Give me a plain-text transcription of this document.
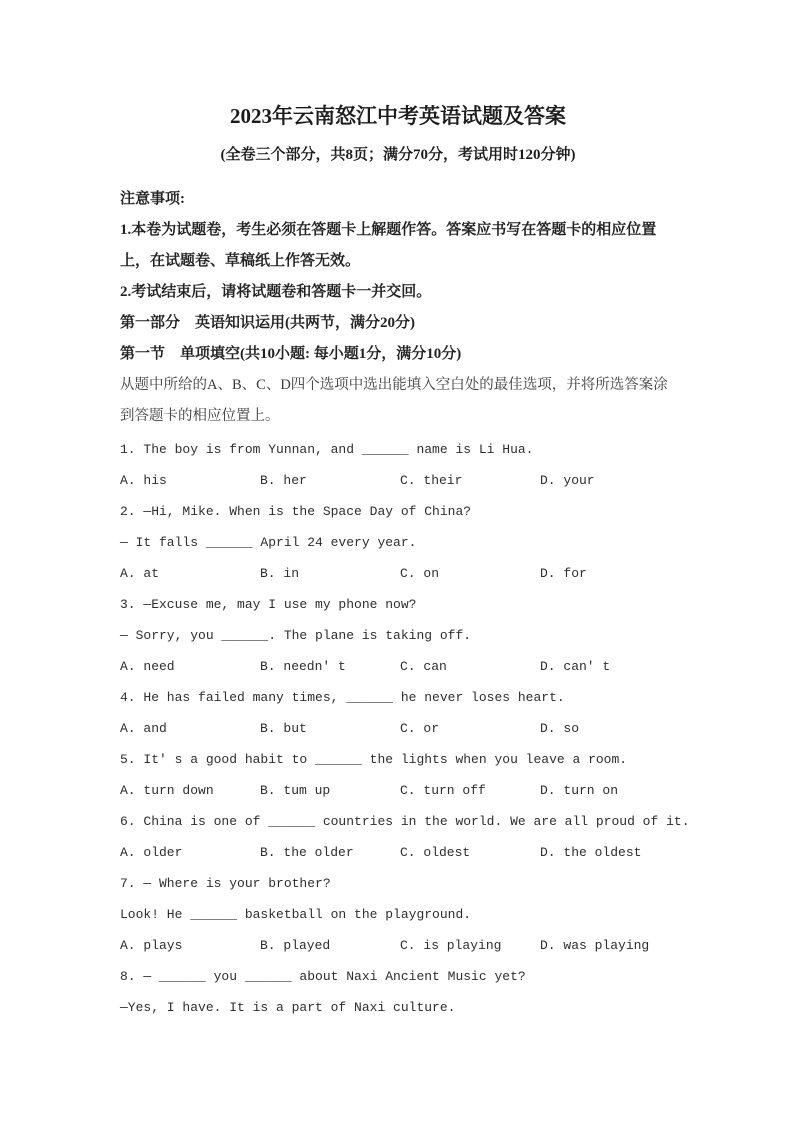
2023年云南怒江中考英语试题及答案
(全卷三个部分，共8页；满分70分，考试用时120分钟)

注意事项:

1.本卷为试题卷，考生必须在答题卡上解题作答。答案应书写在答题卡的相应位置上，在试题卷、草稿纸上作答无效。

2.考试结束后，请将试题卷和答题卡一并交回。

第一部分　英语知识运用(共两节，满分20分)

第一节　单项填空(共10小题: 每小题1分，满分10分)

从题中所给的A、B、C、D四个选项中选出能填入空白处的最佳选项，并将所选答案涂到答题卡的相应位置上。

1. The boy is from Yunnan, and ______ name is Li Hua.

A. his	B. her	C. their	D. your

2. —Hi, Mike. When is the Space Day of China?

— It falls ______ April 24 every year.

A. at	B. in	C. on	D. for

3. —Excuse me, may I use my phone now?

— Sorry, you ______. The plane is taking off.

A. need	B. needn' t	C. can	D. can' t

4. He has failed many times, ______ he never loses heart.

A. and	B. but	C. or	D. so

5. It' s a good habit to ______ the lights when you leave a room.

A. turn down	B. tum up	C. turn off	D. turn on

6. China is one of ______ countries in the world. We are all proud of it.

A. older	B. the older	C. oldest	D. the oldest

7. — Where is your brother?

Look! He ______ basketball on the playground.

A. plays	B. played	C. is playing	D. was playing

8. — ______ you ______ about Naxi Ancient Music yet?

—Yes, I have. It is a part of Naxi culture.
